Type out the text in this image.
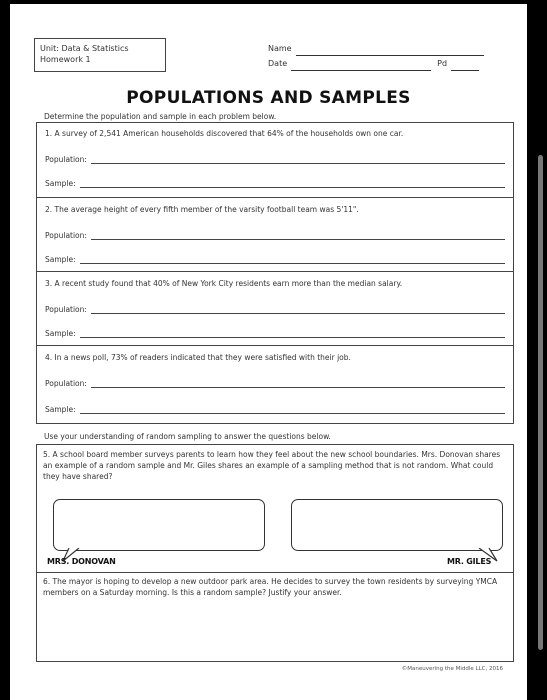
Unit: Data & Statistics
Homework 1
Name
Date	Pd
POPULATIONS AND SAMPLES
Determine the population and sample in each problem below.
1. A survey of 2,541 American households discovered that 64% of the households own one car.
Population:
Sample:
2. The average height of every fifth member of the varsity football team was 5'11".
Population:
Sample:
3. A recent study found that 40% of New York City residents earn more than the median salary.
Population:
Sample:
4. In a news poll, 73% of readers indicated that they were satisfied with their job.
Population:
Sample:
Use your understanding of random sampling to answer the questions below.
5. A school board member surveys parents to learn how they feel about the new school boundaries. Mrs. Donovan shares an example of a random sample and Mr. Giles shares an example of a sampling method that is not random. What could they have shared?
MRS. DONOVAN	MR. GILES
6. The mayor is hoping to develop a new outdoor park area. He decides to survey the town residents by surveying YMCA members on a Saturday morning. Is this a random sample? Justify your answer.
©Maneuvering the Middle LLC, 2016
